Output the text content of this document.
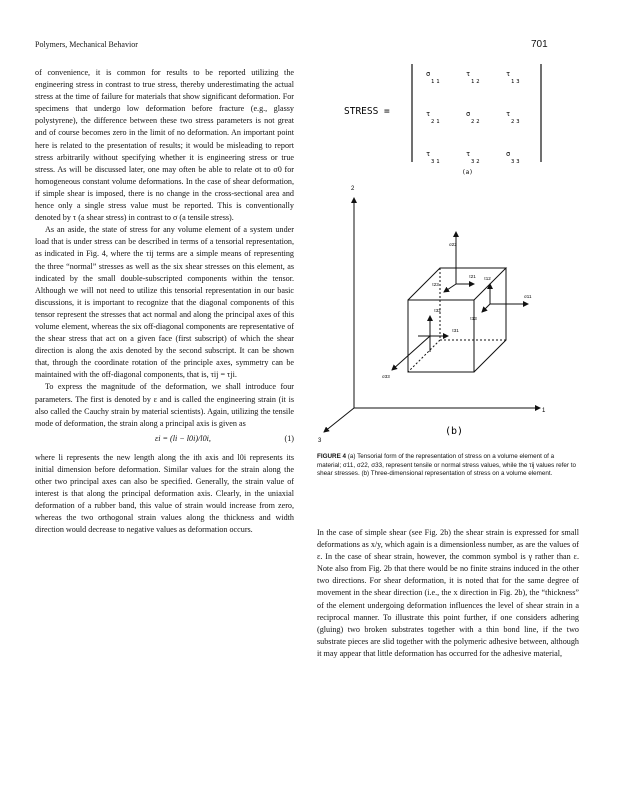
Polymers, Mechanical Behavior	701

of convenience, it is common for results to be reported utilizing the engineering stress in contrast to true stress, thereby underestimating the actual stress at the time of failure for materials that show significant deformation. For specimens that undergo low deformation before fracture (e.g., glassy polystyrene), the difference between these two stress parameters is not great and of course becomes zero in the limit of no deformation. An important point here is related to the presentation of results; it would be misleading to report stress arbitrarily without specifying whether it is engineering stress or true stress. As will be discussed later, one may often be able to relate σt to σ0 for homogeneous constant volume deformations. In the case of shear deformation, if simple shear is imposed, there is no change in the cross-sectional area and hence only a single stress value must be reported. This is conventionally denoted by τ (a shear stress) in contrast to σ (a tensile stress).

As an aside, the state of stress for any volume element of a system under load that is under stress can be described in terms of a tensorial representation, as indicated in Fig. 4, where the τij terms are a simple means of representing the three “normal” stresses as well as the six shear stresses on this element, as indicated by the small double-subscripted components within the tensor. Although we will not need to utilize this tensorial representation in our basic discussions, it is important to recognize that the diagonal components of this tensor represent the stresses that act normal and along the principal axes of this volume element, whereas the six off-diagonal components are representative of the shear stress that act on a given face (first subscript) of which the shear direction is along the axis denoted by the second subscript. It can be shown that, through the coordinate rotation of the principle axes, symmetry can be maintained with the off-diagonal components, that is, τij = τji.

To express the magnitude of the deformation, we shall introduce four parameters. The first is denoted by ε and is called the engineering strain (it is also called the Cauchy strain by material scientists). Again, utilizing the tensile mode of deformation, the strain along a principal axis is given as

εi = (li − l0i)/l0i,	(1)

where li represents the new length along the ith axis and l0i represents its initial dimension before deformation. Similar values for the strain along the other two principal axes can also be specified. Generally, the strain value of interest is that along the principal deformation axis. Clearly, in the uniaxial deformation of a rubber band, this value of strain would increase from zero, whereas the two orthogonal strain values along the thickness and width direction would decrease to negative values as deformation occurs.

STRESS =
σ
11
τ
12
τ
13
τ
21
σ
22
τ
23
τ
31
τ
32
σ
33
(a)
2
1
3
σ22
τ21
τ23
τ12
σ11
τ13
τ31
τ32
σ33
(b)
FIGURE 4 (a) Tensorial form of the representation of stress on a volume element of a material; σ11, σ22, σ33, represent tensile or normal stress values, while the τij values refer to shear stresses. (b) Three-dimensional representation of stress on a volume element.

In the case of simple shear (see Fig. 2b) the shear strain is expressed for small deformations as x/y, which again is a dimensionless number, as are the values of ε. In the case of shear strain, however, the common symbol is γ rather than ε. Note also from Fig. 2b that there would be no finite strains induced in the other two directions. For shear deformation, it is noted that for the same degree of movement in the shear direction (i.e., the x direction in Fig. 2b), the “thickness” of the element undergoing deformation influences the level of shear strain in a reciprocal manner. To illustrate this point further, if one considers adhering (gluing) two broken substrates together with a thin bond line, if the two substrate pieces are slid together with the polymeric adhesive between, although it may appear that little deformation has occurred for the adhesive material,
